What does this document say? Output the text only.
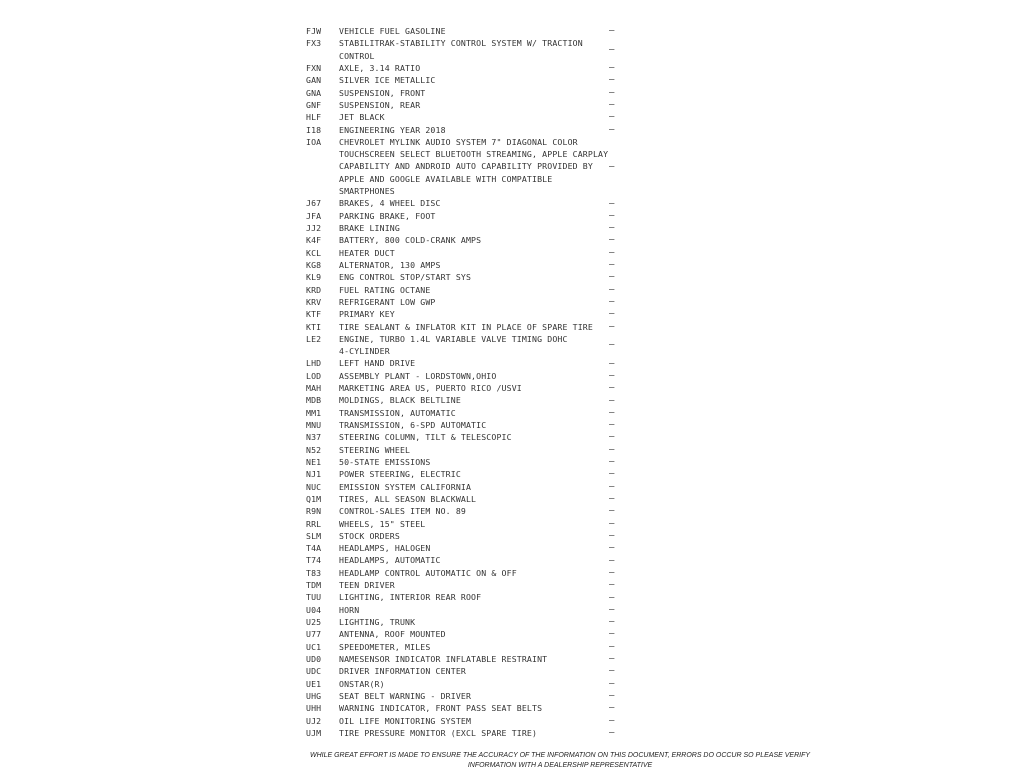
FJW VEHICLE FUEL GASOLINE	—
FX3 STABILITRAK-STABILITY CONTROL SYSTEM W/ TRACTION
CONTROL
—
FXN AXLE, 3.14 RATIO	—
GAN SILVER ICE METALLIC	—
GNA SUSPENSION, FRONT	—
GNF SUSPENSION, REAR	—
HLF JET BLACK	—
I18 ENGINEERING YEAR 2018	—
IOA CHEVROLET MYLINK AUDIO SYSTEM 7" DIAGONAL COLOR
TOUCHSCREEN SELECT BLUETOOTH STREAMING, APPLE CARPLAY
CAPABILITY AND ANDROID AUTO CAPABILITY PROVIDED BY
APPLE AND GOOGLE AVAILABLE WITH COMPATIBLE SMARTPHONES
—
J67 BRAKES, 4 WHEEL DISC	—
JFA PARKING BRAKE, FOOT	—
JJ2 BRAKE LINING	—
K4F BATTERY, 800 COLD-CRANK AMPS	—
KCL HEATER DUCT	—
KG8 ALTERNATOR, 130 AMPS	—
KL9 ENG CONTROL STOP/START SYS	—
KRD FUEL RATING OCTANE	—
KRV REFRIGERANT LOW GWP	—
KTF PRIMARY KEY	—
KTI TIRE SEALANT & INFLATOR KIT IN PLACE OF SPARE TIRE	—
LE2 ENGINE, TURBO 1.4L VARIABLE VALVE TIMING DOHC
4-CYLINDER
—
LHD LEFT HAND DRIVE	—
LOD ASSEMBLY PLANT - LORDSTOWN,OHIO	—
MAH MARKETING AREA US, PUERTO RICO /USVI	—
MDB MOLDINGS, BLACK BELTLINE	—
MM1 TRANSMISSION, AUTOMATIC	—
MNU TRANSMISSION, 6-SPD AUTOMATIC	—
N37 STEERING COLUMN, TILT & TELESCOPIC	—
N52 STEERING WHEEL	—
NE1 50-STATE EMISSIONS	—
NJ1 POWER STEERING, ELECTRIC	—
NUC EMISSION SYSTEM CALIFORNIA	—
Q1M TIRES, ALL SEASON BLACKWALL	—
R9N CONTROL-SALES ITEM NO. 89	—
RRL WHEELS, 15" STEEL	—
SLM STOCK ORDERS	—
T4A HEADLAMPS, HALOGEN	—
T74 HEADLAMPS, AUTOMATIC	—
T83 HEADLAMP CONTROL AUTOMATIC ON & OFF	—
TDM TEEN DRIVER	—
TUU LIGHTING, INTERIOR REAR ROOF	—
U04 HORN	—
U25 LIGHTING, TRUNK	—
U77 ANTENNA, ROOF MOUNTED	—
UC1 SPEEDOMETER, MILES	—
UD0 NAMESENSOR INDICATOR INFLATABLE RESTRAINT	—
UDC DRIVER INFORMATION CENTER	—
UE1 ONSTAR(R)	—
UHG SEAT BELT WARNING - DRIVER	—
UHH WARNING INDICATOR, FRONT PASS SEAT BELTS	—
UJ2 OIL LIFE MONITORING SYSTEM	—
UJM TIRE PRESSURE MONITOR (EXCL SPARE TIRE)	—
WHILE GREAT EFFORT IS MADE TO ENSURE THE ACCURACY OF THE INFORMATION ON THIS DOCUMENT, ERRORS DO OCCUR SO PLEASE VERIFY INFORMATION WITH A DEALERSHIP REPRESENTATIVE
